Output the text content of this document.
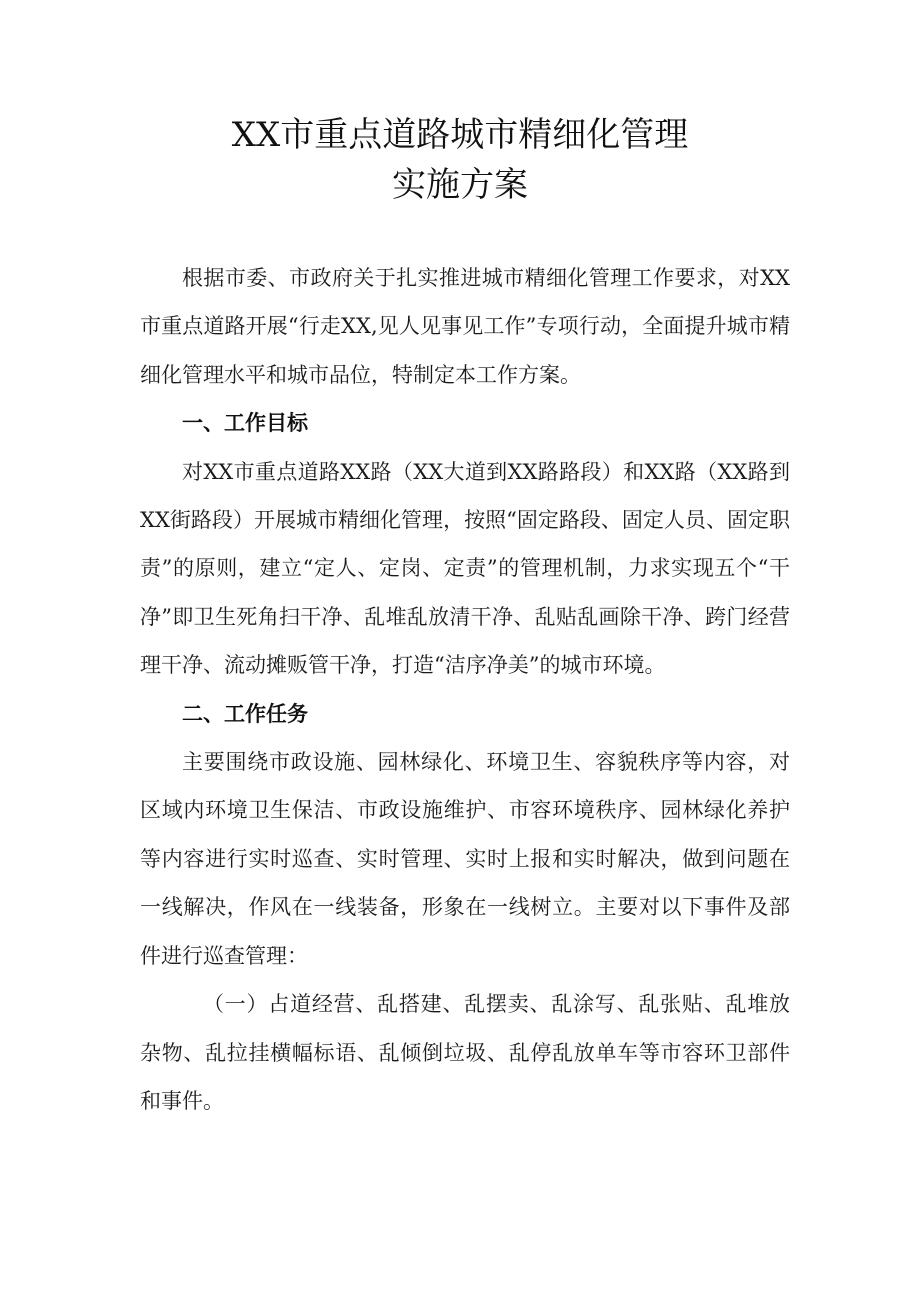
XX市重点道路城市精细化管理
实施方案

根据市委、市政府关于扎实推进城市精细化管理工作要求，对XX市重点道路开展“行走XX,见人见事见工作”专项行动，全面提升城市精细化管理水平和城市品位，特制定本工作方案。

一、工作目标

对XX市重点道路XX路（XX大道到XX路路段）和XX路（XX路到XX街路段）开展城市精细化管理，按照“固定路段、固定人员、固定职责”的原则，建立“定人、定岗、定责”的管理机制，力求实现五个“干净”即卫生死角扫干净、乱堆乱放清干净、乱贴乱画除干净、跨门经营理干净、流动摊贩管干净，打造“洁序净美”的城市环境。

二、工作任务

主要围绕市政设施、园林绿化、环境卫生、容貌秩序等内容，对区域内环境卫生保洁、市政设施维护、市容环境秩序、园林绿化养护等内容进行实时巡查、实时管理、实时上报和实时解决，做到问题在一线解决，作风在一线装备，形象在一线树立。主要对以下事件及部件进行巡查管理：

（一）占道经营、乱搭建、乱摆卖、乱涂写、乱张贴、乱堆放杂物、乱拉挂横幅标语、乱倾倒垃圾、乱停乱放单车等市容环卫部件和事件。
